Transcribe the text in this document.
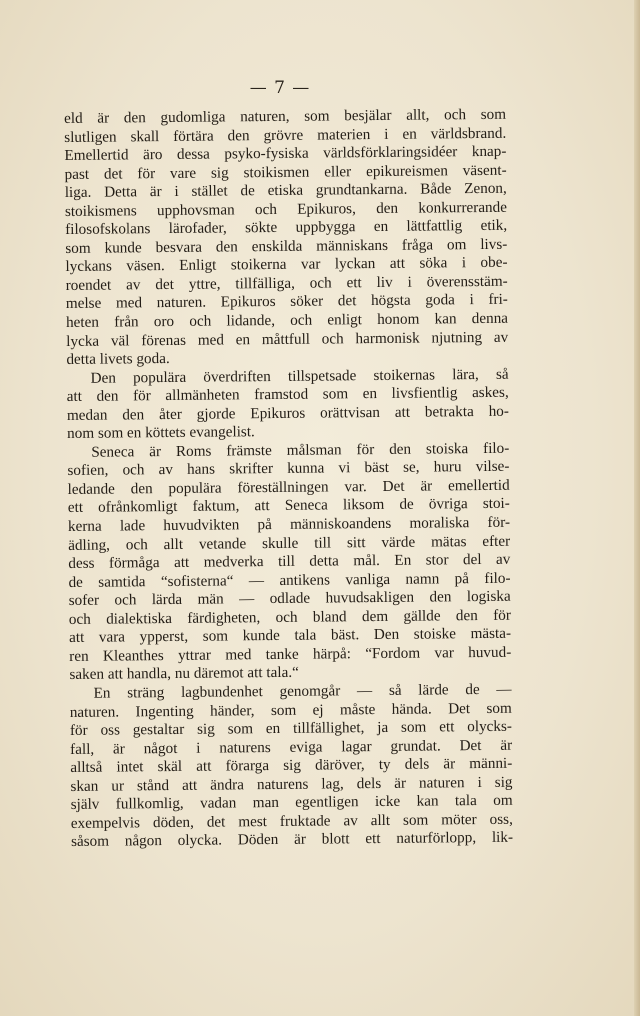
— 7 —
eld är den gudomliga naturen, som besjälar allt, och som
slutligen skall förtära den grövre materien i en världsbrand.
Emellertid äro dessa psyko-fysiska världsförklaringsidéer knap-
past det för vare sig stoikismen eller epikureismen väsent-
liga. Detta är i stället de etiska grundtankarna. Både Zenon,
stoikismens upphovsman och Epikuros, den konkurrerande
filosofskolans lärofader, sökte uppbygga en lättfattlig etik,
som kunde besvara den enskilda människans fråga om livs-
lyckans väsen. Enligt stoikerna var lyckan att söka i obe-
roendet av det yttre, tillfälliga, och ett liv i överensstäm-
melse med naturen. Epikuros söker det högsta goda i fri-
heten från oro och lidande, och enligt honom kan denna
lycka väl förenas med en måttfull och harmonisk njutning av
detta livets goda.
Den populära överdriften tillspetsade stoikernas lära, så
att den för allmänheten framstod som en livsfientlig askes,
medan den åter gjorde Epikuros orättvisan att betrakta ho-
nom som en köttets evangelist.
Seneca är Roms främste målsman för den stoiska filo-
sofien, och av hans skrifter kunna vi bäst se, huru vilse-
ledande den populära föreställningen var. Det är emellertid
ett ofrånkomligt faktum, att Seneca liksom de övriga stoi-
kerna lade huvudvikten på människoandens moraliska för-
ädling, och allt vetande skulle till sitt värde mätas efter
dess förmåga att medverka till detta mål. En stor del av
de samtida “sofisterna“ — antikens vanliga namn på filo-
sofer och lärda män — odlade huvudsakligen den logiska
och dialektiska färdigheten, och bland dem gällde den för
att vara ypperst, som kunde tala bäst. Den stoiske mästa-
ren Kleanthes yttrar med tanke härpå: “Fordom var huvud-
saken att handla, nu däremot att tala.“
En sträng lagbundenhet genomgår — så lärde de —
naturen. Ingenting händer, som ej måste hända. Det som
för oss gestaltar sig som en tillfällighet, ja som ett olycks-
fall, är något i naturens eviga lagar grundat. Det är
alltså intet skäl att förarga sig däröver, ty dels är männi-
skan ur stånd att ändra naturens lag, dels är naturen i sig
själv fullkomlig, vadan man egentligen icke kan tala om
exempelvis döden, det mest fruktade av allt som möter oss,
såsom någon olycka. Döden är blott ett naturförlopp, lik-
